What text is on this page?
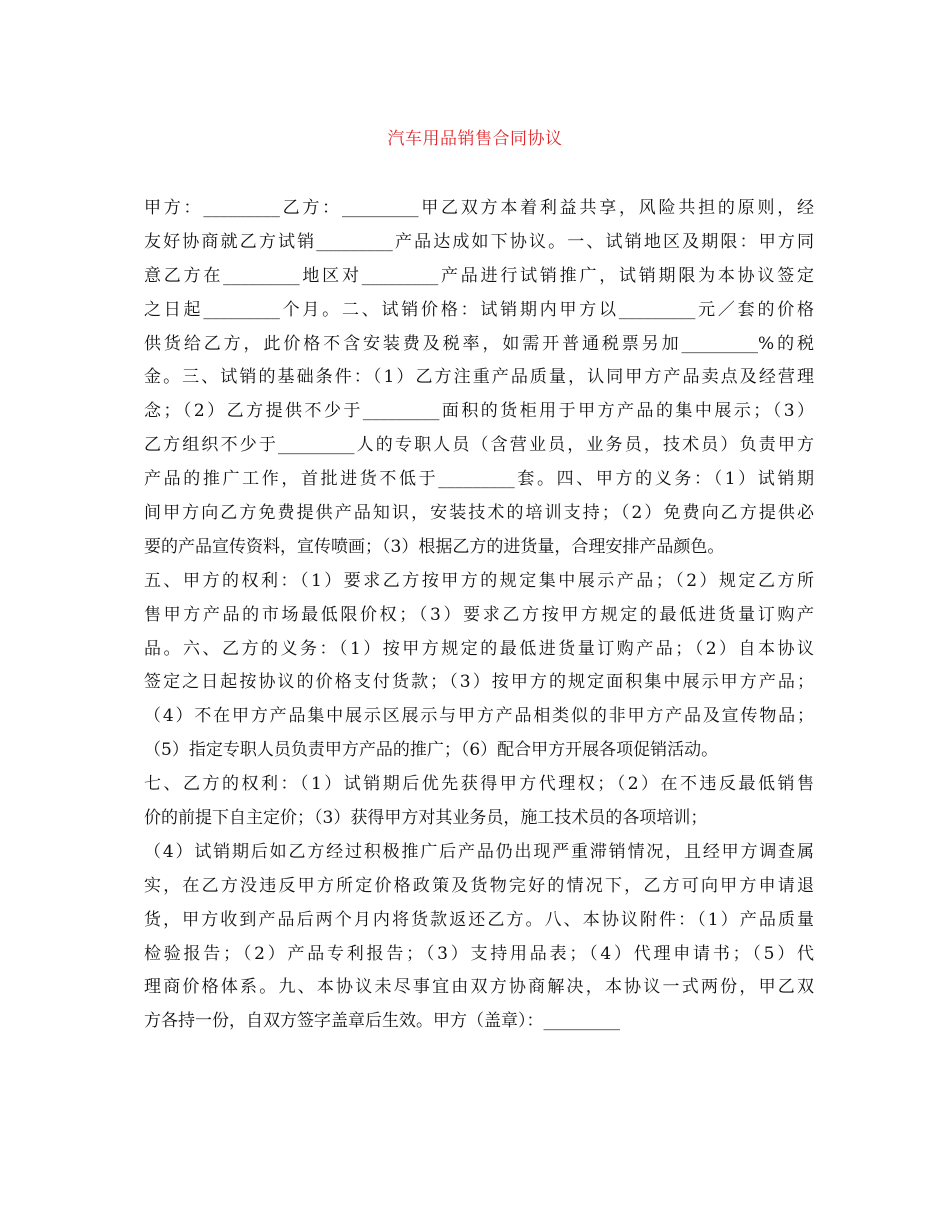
汽车用品销售合同协议
甲方：_________乙方：_________甲乙双方本着利益共享，风险共担的原则，经
友好协商就乙方试销_________产品达成如下协议。一、试销地区及期限：甲方同
意乙方在_________地区对_________产品进行试销推广，试销期限为本协议签定
之日起_________个月。二、试销价格：试销期内甲方以_________元／套的价格
供货给乙方，此价格不含安装费及税率，如需开普通税票另加_________%的税
金。三、试销的基础条件：（1）乙方注重产品质量，认同甲方产品卖点及经营理
念；（2）乙方提供不少于_________面积的货柜用于甲方产品的集中展示；（3）
乙方组织不少于_________人的专职人员（含营业员，业务员，技术员）负责甲方
产品的推广工作，首批进货不低于_________套。四、甲方的义务：（1）试销期
间甲方向乙方免费提供产品知识，安装技术的培训支持；（2）免费向乙方提供必
要的产品宣传资料，宣传喷画；（3）根据乙方的进货量，合理安排产品颜色。
五、甲方的权利：（1）要求乙方按甲方的规定集中展示产品；（2）规定乙方所
售甲方产品的市场最低限价权；（3）要求乙方按甲方规定的最低进货量订购产
品。六、乙方的义务：（1）按甲方规定的最低进货量订购产品；（2）自本协议
签定之日起按协议的价格支付货款；（3）按甲方的规定面积集中展示甲方产品；
（4）不在甲方产品集中展示区展示与甲方产品相类似的非甲方产品及宣传物品；
（5）指定专职人员负责甲方产品的推广；（6）配合甲方开展各项促销活动。
七、乙方的权利：（1）试销期后优先获得甲方代理权；（2）在不违反最低销售
价的前提下自主定价；（3）获得甲方对其业务员，施工技术员的各项培训；
（4）试销期后如乙方经过积极推广后产品仍出现严重滞销情况，且经甲方调查属
实，在乙方没违反甲方所定价格政策及货物完好的情况下，乙方可向甲方申请退
货，甲方收到产品后两个月内将货款返还乙方。八、本协议附件：（1）产品质量
检验报告；（2）产品专利报告；（3）支持用品表；（4）代理申请书；（5）代
理商价格体系。九、本协议未尽事宜由双方协商解决，本协议一式两份，甲乙双
方各持一份，自双方签字盖章后生效。甲方（盖章）：_________
